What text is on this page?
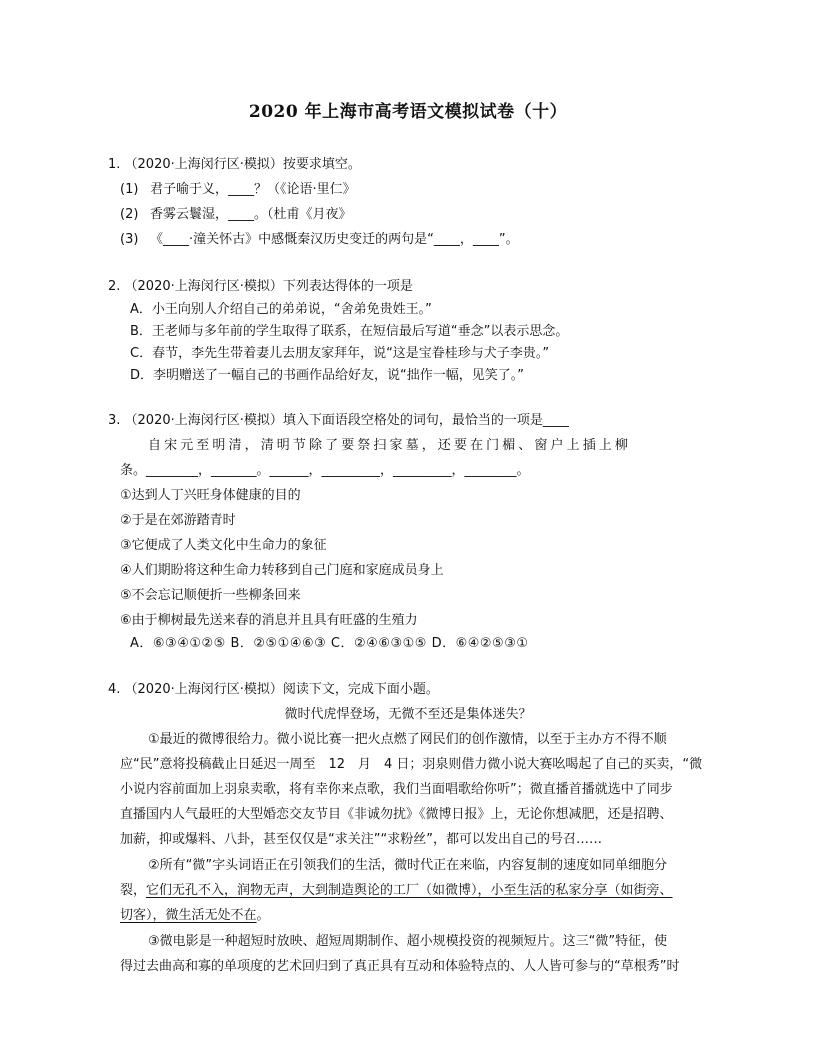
2020 年上海市高考语文模拟试卷（十）
1. （2020·上海闵行区·模拟）按要求填空。
(1) 君子喻于义，____？（《论语·里仁》
(2) 香雾云鬟湿，____。（杜甫《月夜》
(3) 《____·潼关怀古》中感慨秦汉历史变迁的两句是“____，____”。
2. （2020·上海闵行区·模拟）下列表达得体的一项是
A．小王向别人介绍自己的弟弟说，“舍弟免贵姓王。”
B．王老师与多年前的学生取得了联系，在短信最后写道“垂念”以表示思念。
C．春节，李先生带着妻儿去朋友家拜年，说“这是宝眷桂珍与犬子李贵。”
D．李明赠送了一幅自己的书画作品给好友，说“拙作一幅，见笑了。”
3. （2020·上海闵行区·模拟）填入下面语段空格处的词句，最恰当的一项是____
自宋元至明清，清明节除了要祭扫家墓，还要在门楣、窗户上插上柳
条。________，_______。______，_________，_________，________。
①达到人丁兴旺身体健康的目的
②于是在郊游踏青时
③它便成了人类文化中生命力的象征
④人们期盼将这种生命力转移到自己门庭和家庭成员身上
⑤不会忘记顺便折一些柳条回来
⑥由于柳树最先送来春的消息并且具有旺盛的生殖力
A．⑥③④①②⑤ B．②⑤①④⑥③ C．②④⑥③①⑤ D．⑥④②⑤③①
4. （2020·上海闵行区·模拟）阅读下文，完成下面小题。
微时代虎悍登场，无微不至还是集体迷失？
①最近的微博很给力。微小说比赛一把火点燃了网民们的创作激情，以至于主办方不得不顺
应“民”意将投稿截止日延迟一周至　12　月　4 日；羽泉则借力微小说大赛吆喝起了自己的买卖，“微
小说内容前面加上羽泉卖歌，将有幸你来点歌，我们当面唱歌给你听”；微直播首播就选中了同步
直播国内人气最旺的大型婚恋交友节目《非诚勿扰》《微博日报》上，无论你想减肥，还是招聘、
加薪，抑或爆料、八卦，甚至仅仅是“求关注”“求粉丝”，都可以发出自己的号召……
②所有“微”字头词语正在引领我们的生活，微时代正在来临，内容复制的速度如同单细胞分
裂，它们无孔不入，润物无声，大到制造舆论的工厂（如微博），小至生活的私家分享（如街旁、
切客），微生活无处不在。
③微电影是一种超短时放映、超短周期制作、超小规模投资的视频短片。这三“微”特征，使
得过去曲高和寡的单项度的艺术回归到了真正具有互动和体验特点的、人人皆可参与的“草根秀”时
